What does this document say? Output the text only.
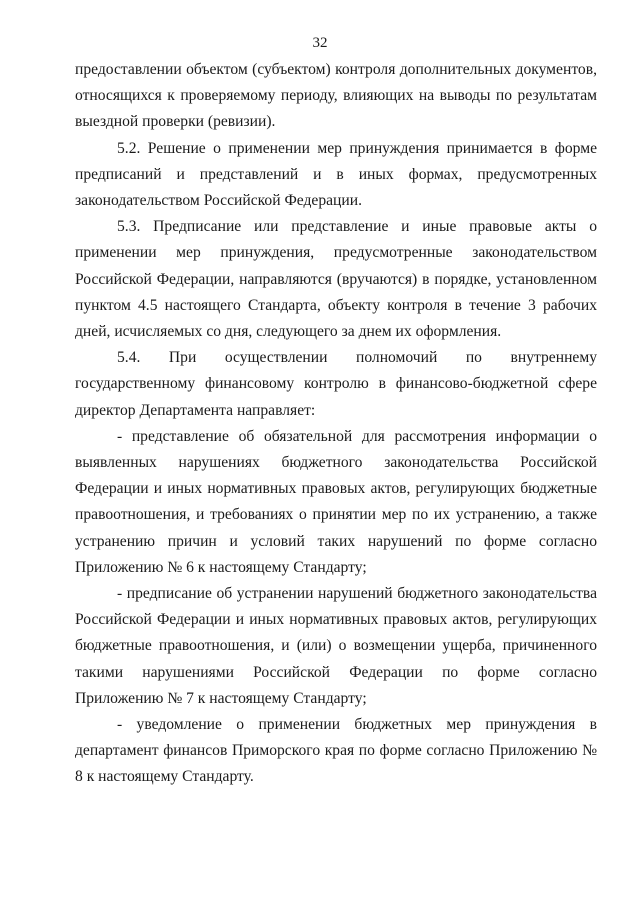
32

предоставлении объектом (субъектом) контроля дополнительных документов, относящихся к проверяемому периоду, влияющих на выводы по результатам выездной проверки (ревизии).

5.2. Решение о применении мер принуждения принимается в форме предписаний и представлений и в иных формах, предусмотренных законодательством Российской Федерации.

5.3. Предписание или представление и иные правовые акты о применении мер принуждения, предусмотренные законодательством Российской Федерации, направляются (вручаются) в порядке, установленном пунктом 4.5 настоящего Стандарта, объекту контроля в течение 3 рабочих дней, исчисляемых со дня, следующего за днем их оформления.

5.4. При осуществлении полномочий по внутреннему государственному финансовому контролю в финансово-бюджетной сфере директор Департамента направляет:

- представление об обязательной для рассмотрения информации о выявленных нарушениях бюджетного законодательства Российской Федерации и иных нормативных правовых актов, регулирующих бюджетные правоотношения, и требованиях о принятии мер по их устранению, а также устранению причин и условий таких нарушений по форме согласно Приложению № 6 к настоящему Стандарту;

- предписание об устранении нарушений бюджетного законодательства Российской Федерации и иных нормативных правовых актов, регулирующих бюджетные правоотношения, и (или) о возмещении ущерба, причиненного такими нарушениями Российской Федерации по форме согласно Приложению № 7 к настоящему Стандарту;

- уведомление о применении бюджетных мер принуждения в департамент финансов Приморского края по форме согласно Приложению № 8 к настоящему Стандарту.
